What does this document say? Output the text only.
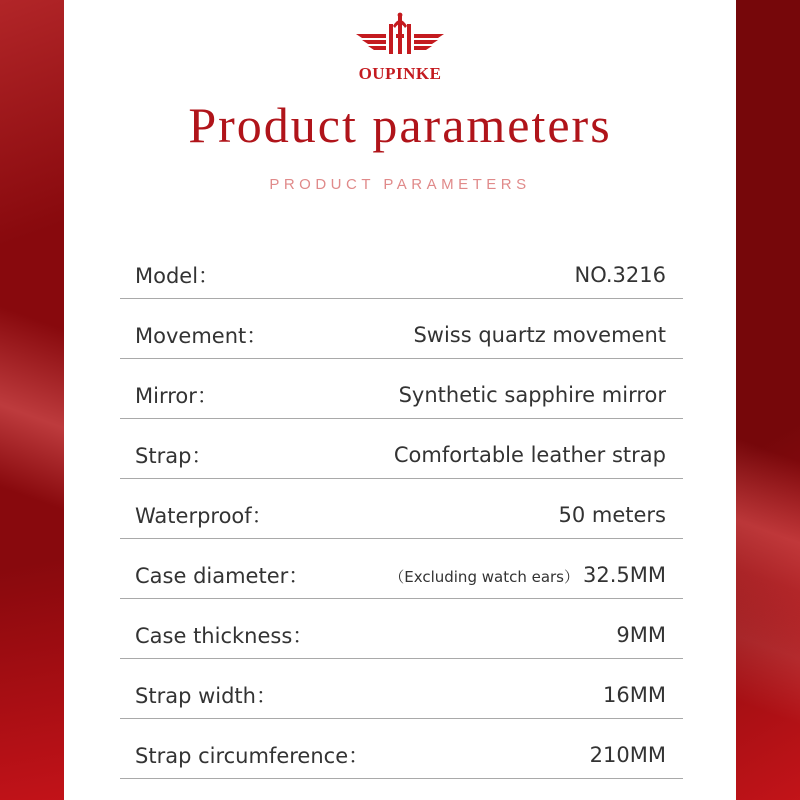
OUPINKE
Product parameters
PRODUCT PARAMETERS
Model：	NO.3216
Movement：	Swiss quartz movement
Mirror：	Synthetic sapphire mirror
Strap：	Comfortable leather strap
Waterproof：	50 meters
Case diameter：	（Excluding watch ears） 32.5MM
Case thickness：	9MM
Strap width：	16MM
Strap circumference：	210MM
